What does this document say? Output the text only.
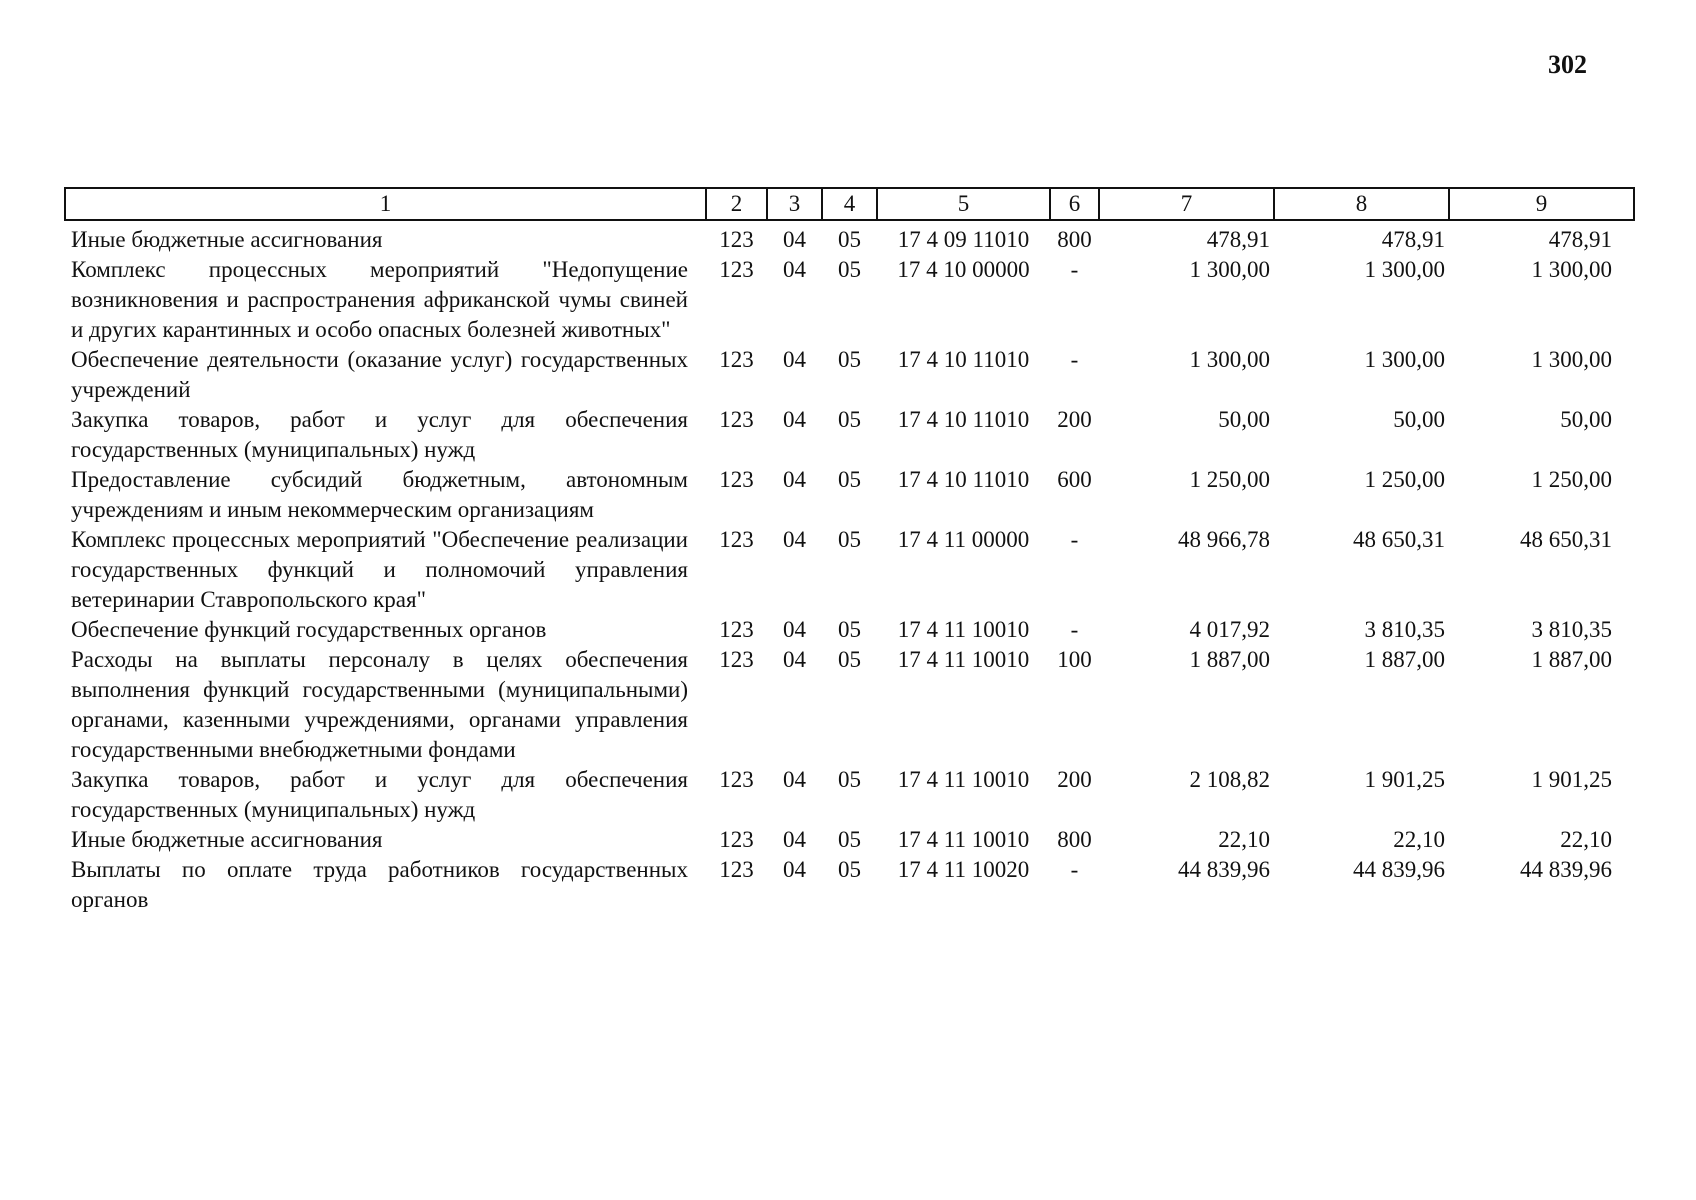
302
1	2	3	4	5	6	7	8	9
Иные бюджетные ассигнования	123	04	05	17 4 09 11010	800	478,91	478,91	478,91
Комплекс процессных мероприятий "Недопущение возникновения и распространения африканской чумы свиней и других карантинных и особо опасных болезней животных"	123	04	05	17 4 10 00000	-	1 300,00	1 300,00	1 300,00
Обеспечение деятельности (оказание услуг) государственных учреждений	123	04	05	17 4 10 11010	-	1 300,00	1 300,00	1 300,00
Закупка товаров, работ и услуг для обеспечения государственных (муниципальных) нужд	123	04	05	17 4 10 11010	200	50,00	50,00	50,00
Предоставление субсидий бюджетным, автономным учреждениям и иным некоммерческим организациям	123	04	05	17 4 10 11010	600	1 250,00	1 250,00	1 250,00
Комплекс процессных мероприятий "Обеспечение реализации государственных функций и полномочий управления ветеринарии Ставропольского края"	123	04	05	17 4 11 00000	-	48 966,78	48 650,31	48 650,31
Обеспечение функций государственных органов	123	04	05	17 4 11 10010	-	4 017,92	3 810,35	3 810,35
Расходы на выплаты персоналу в целях обеспечения выполнения функций государственными (муниципальными) органами, казенными учреждениями, органами управления государственными внебюджетными фондами	123	04	05	17 4 11 10010	100	1 887,00	1 887,00	1 887,00
Закупка товаров, работ и услуг для обеспечения государственных (муниципальных) нужд	123	04	05	17 4 11 10010	200	2 108,82	1 901,25	1 901,25
Иные бюджетные ассигнования	123	04	05	17 4 11 10010	800	22,10	22,10	22,10
Выплаты по оплате труда работников государственных органов	123	04	05	17 4 11 10020	-	44 839,96	44 839,96	44 839,96
